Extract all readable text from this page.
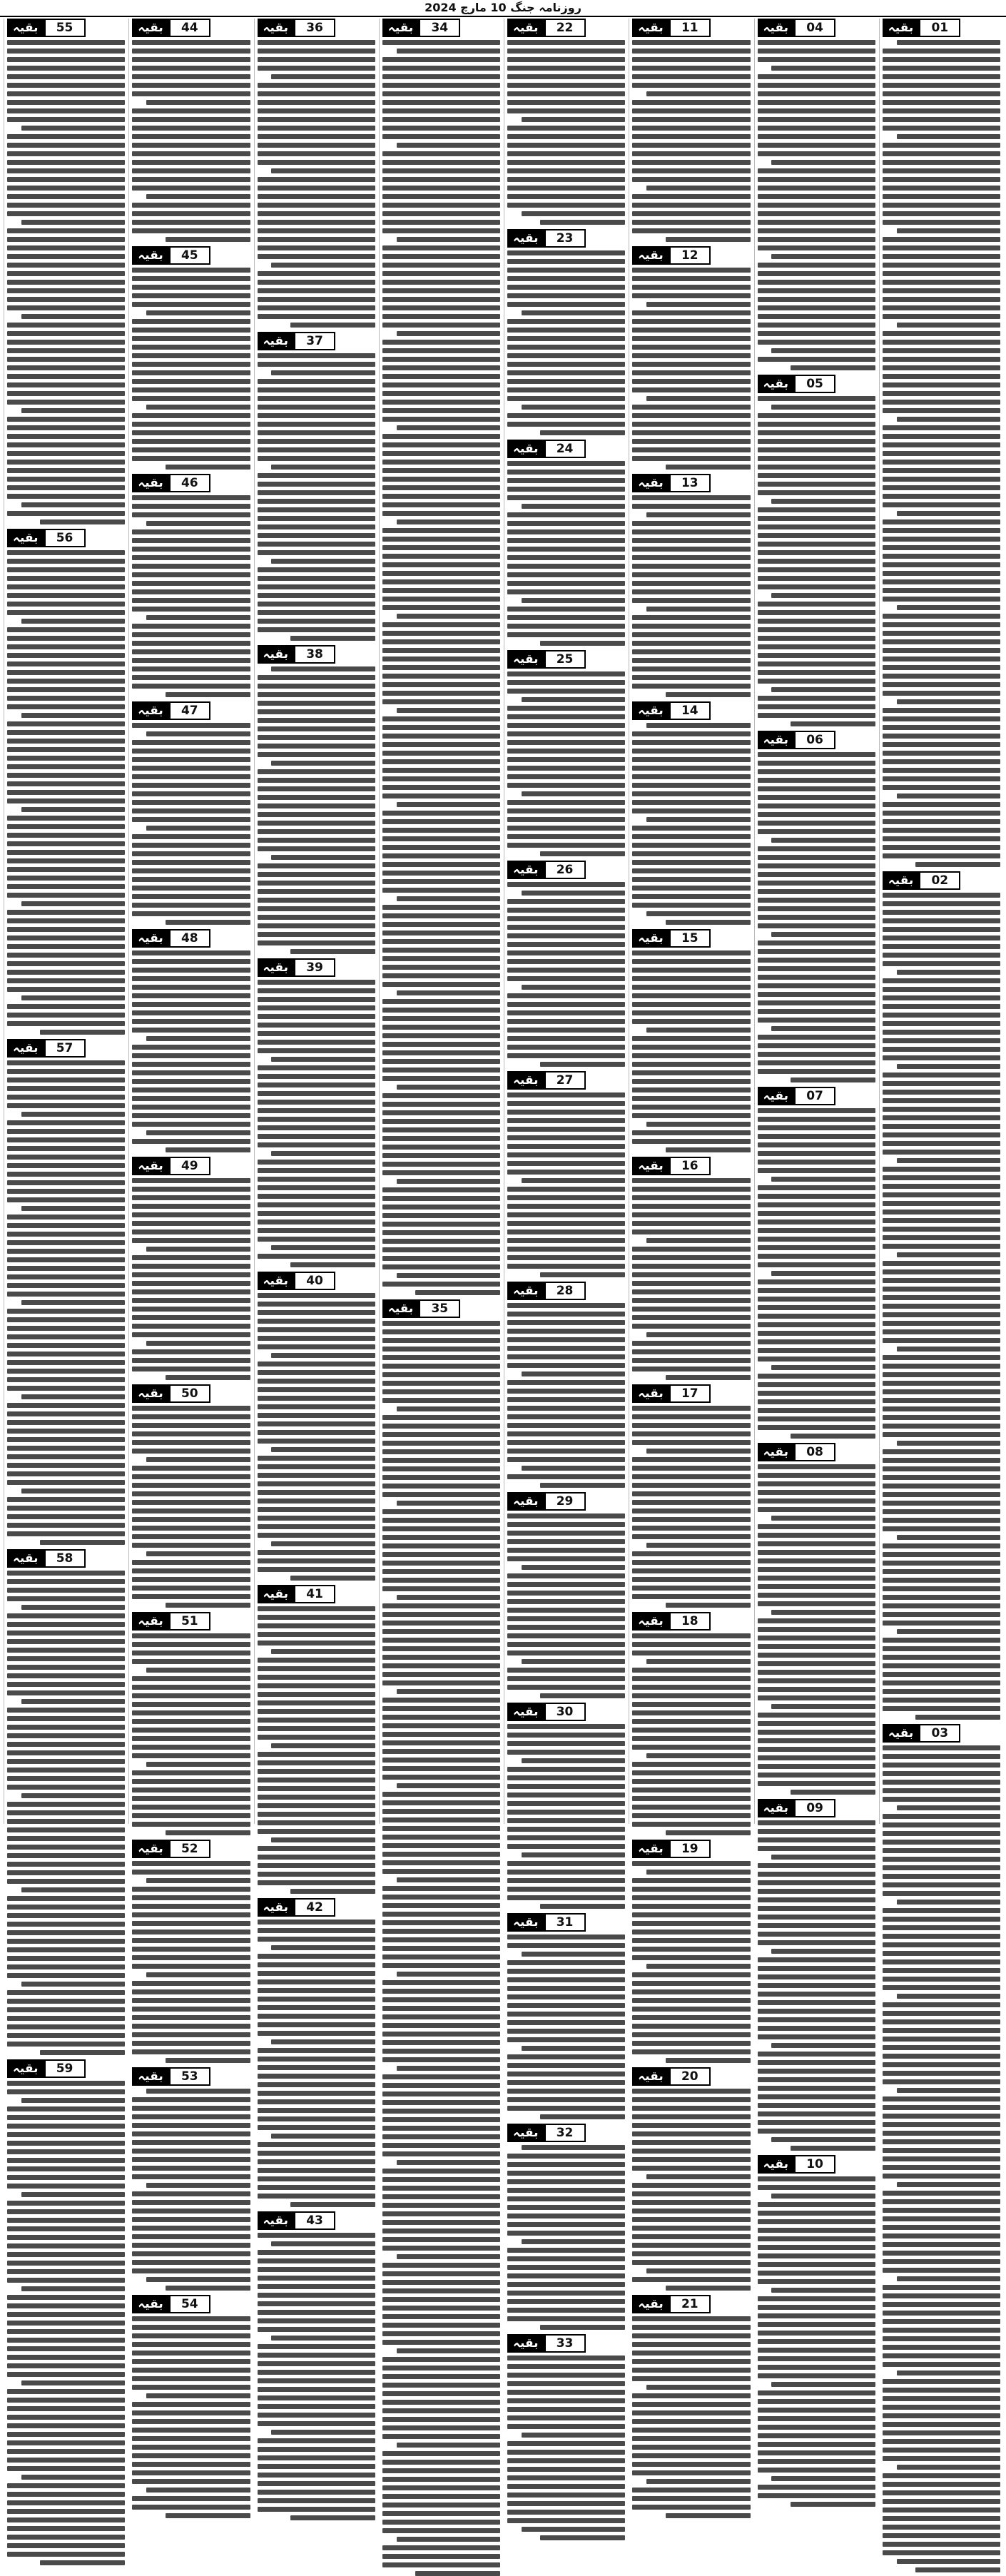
روزنامہ جنگ 10 مارچ 2024
بقیہ	01
بقیہ	02
بقیہ	03
بقیہ	04
بقیہ	05
بقیہ	06
بقیہ	07
بقیہ	08
بقیہ	09
بقیہ	10
بقیہ	11
بقیہ	12
بقیہ	13
بقیہ	14
بقیہ	15
بقیہ	16
بقیہ	17
بقیہ	18
بقیہ	19
بقیہ	20
بقیہ	21
بقیہ	22
بقیہ	23
بقیہ	24
بقیہ	25
بقیہ	26
بقیہ	27
بقیہ	28
بقیہ	29
بقیہ	30
بقیہ	31
بقیہ	32
بقیہ	33
بقیہ	34
بقیہ	35
بقیہ	36
بقیہ	37
بقیہ	38
بقیہ	39
بقیہ	40
بقیہ	41
بقیہ	42
بقیہ	43
بقیہ	44
بقیہ	45
بقیہ	46
بقیہ	47
بقیہ	48
بقیہ	49
بقیہ	50
بقیہ	51
بقیہ	52
بقیہ	53
بقیہ	54
بقیہ	55
بقیہ	56
بقیہ	57
بقیہ	58
بقیہ	59
